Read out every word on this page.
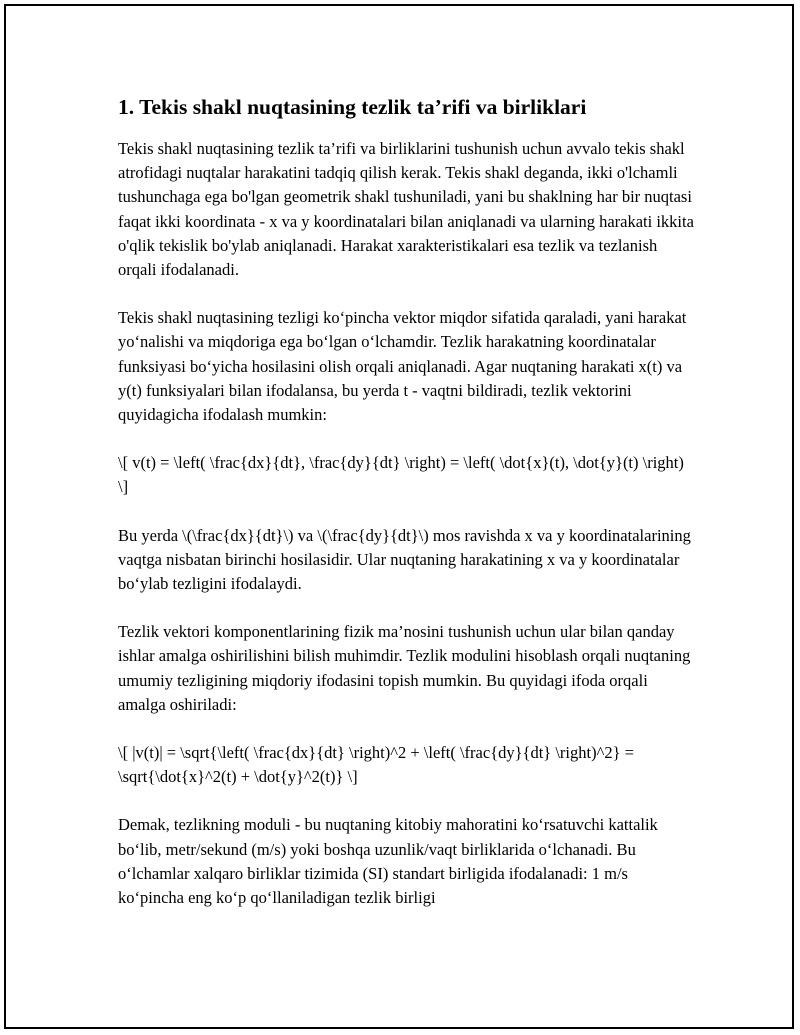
1. Tekis shakl nuqtasining tezlik ta’rifi va birliklari

Tekis shakl nuqtasining tezlik ta’rifi va birliklarini tushunish uchun avvalo tekis shakl atrofidagi nuqtalar harakatini tadqiq qilish kerak. Tekis shakl deganda, ikki o'lchamli tushunchaga ega bo'lgan geometrik shakl tushuniladi, yani bu shaklning har bir nuqtasi faqat ikki koordinata - x va y koordinatalari bilan aniqlanadi va ularning harakati ikkita o'qlik tekislik bo'ylab aniqlanadi. Harakat xarakteristikalari esa tezlik va tezlanish orqali ifodalanadi.

Tekis shakl nuqtasining tezligi ko‘pincha vektor miqdor sifatida qaraladi, yani harakat yo‘nalishi va miqdoriga ega bo‘lgan o‘lchamdir. Tezlik harakatning koordinatalar funksiyasi bo‘yicha hosilasini olish orqali aniqlanadi. Agar nuqtaning harakati x(t) va y(t) funksiyalari bilan ifodalansa, bu yerda t - vaqtni bildiradi, tezlik vektorini quyidagicha ifodalash mumkin:

\[ v(t) = \left( \frac{dx}{dt}, \frac{dy}{dt} \right) = \left( \dot{x}(t), \dot{y}(t) \right) \]

Bu yerda \(\frac{dx}{dt}\) va \(\frac{dy}{dt}\) mos ravishda x va y koordinatalarining vaqtga nisbatan birinchi hosilasidir. Ular nuqtaning harakatining x va y koordinatalar bo‘ylab tezligini ifodalaydi.

Tezlik vektori komponentlarining fizik ma’nosini tushunish uchun ular bilan qanday ishlar amalga oshirilishini bilish muhimdir. Tezlik modulini hisoblash orqali nuqtaning umumiy tezligining miqdoriy ifodasini topish mumkin. Bu quyidagi ifoda orqali amalga oshiriladi:

\[ |v(t)| = \sqrt{\left( \frac{dx}{dt} \right)^2 + \left( \frac{dy}{dt} \right)^2} = \sqrt{\dot{x}^2(t) + \dot{y}^2(t)} \]

Demak, tezlikning moduli - bu nuqtaning kitobiy mahoratini ko‘rsatuvchi kattalik bo‘lib, metr/sekund (m/s) yoki boshqa uzunlik/vaqt birliklarida o‘lchanadi. Bu o‘lchamlar xalqaro birliklar tizimida (SI) standart birligida ifodalanadi: 1 m/s ko‘pincha eng ko‘p qo‘llaniladigan tezlik birligi
